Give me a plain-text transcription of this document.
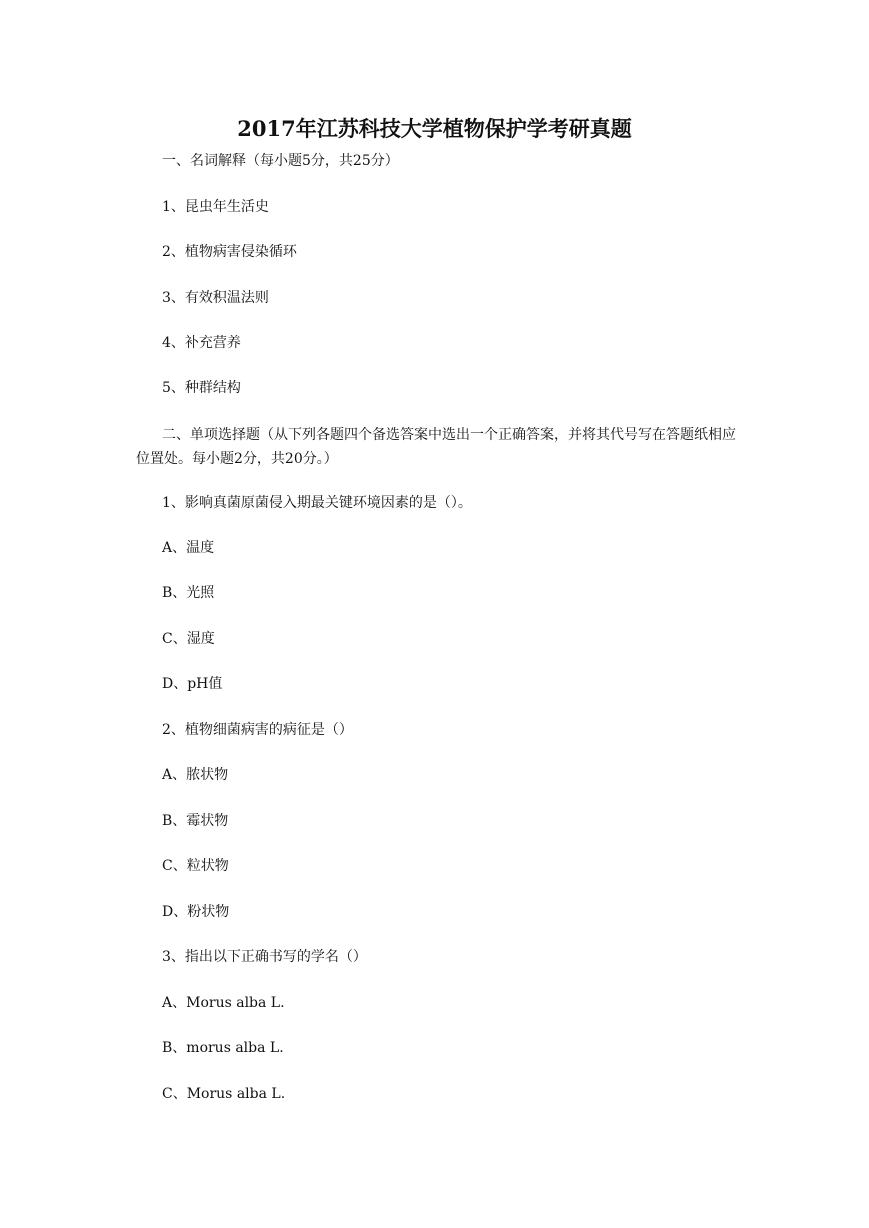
2017年江苏科技大学植物保护学考研真题
一、名词解释（每小题5分，共25分）
1、昆虫年生活史
2、植物病害侵染循环
3、有效积温法则
4、补充营养
5、种群结构
二、单项选择题（从下列各题四个备选答案中选出一个正确答案，并将其代号写在答题纸相应位置处。每小题2分，共20分。）
1、影响真菌原菌侵入期最关键环境因素的是（）。
A、温度
B、光照
C、湿度
D、pH值
2、植物细菌病害的病征是（）
A、脓状物
B、霉状物
C、粒状物
D、粉状物
3、指出以下正确书写的学名（）
A、Morus alba L.
B、morus alba L.
C、Morus alba L.
